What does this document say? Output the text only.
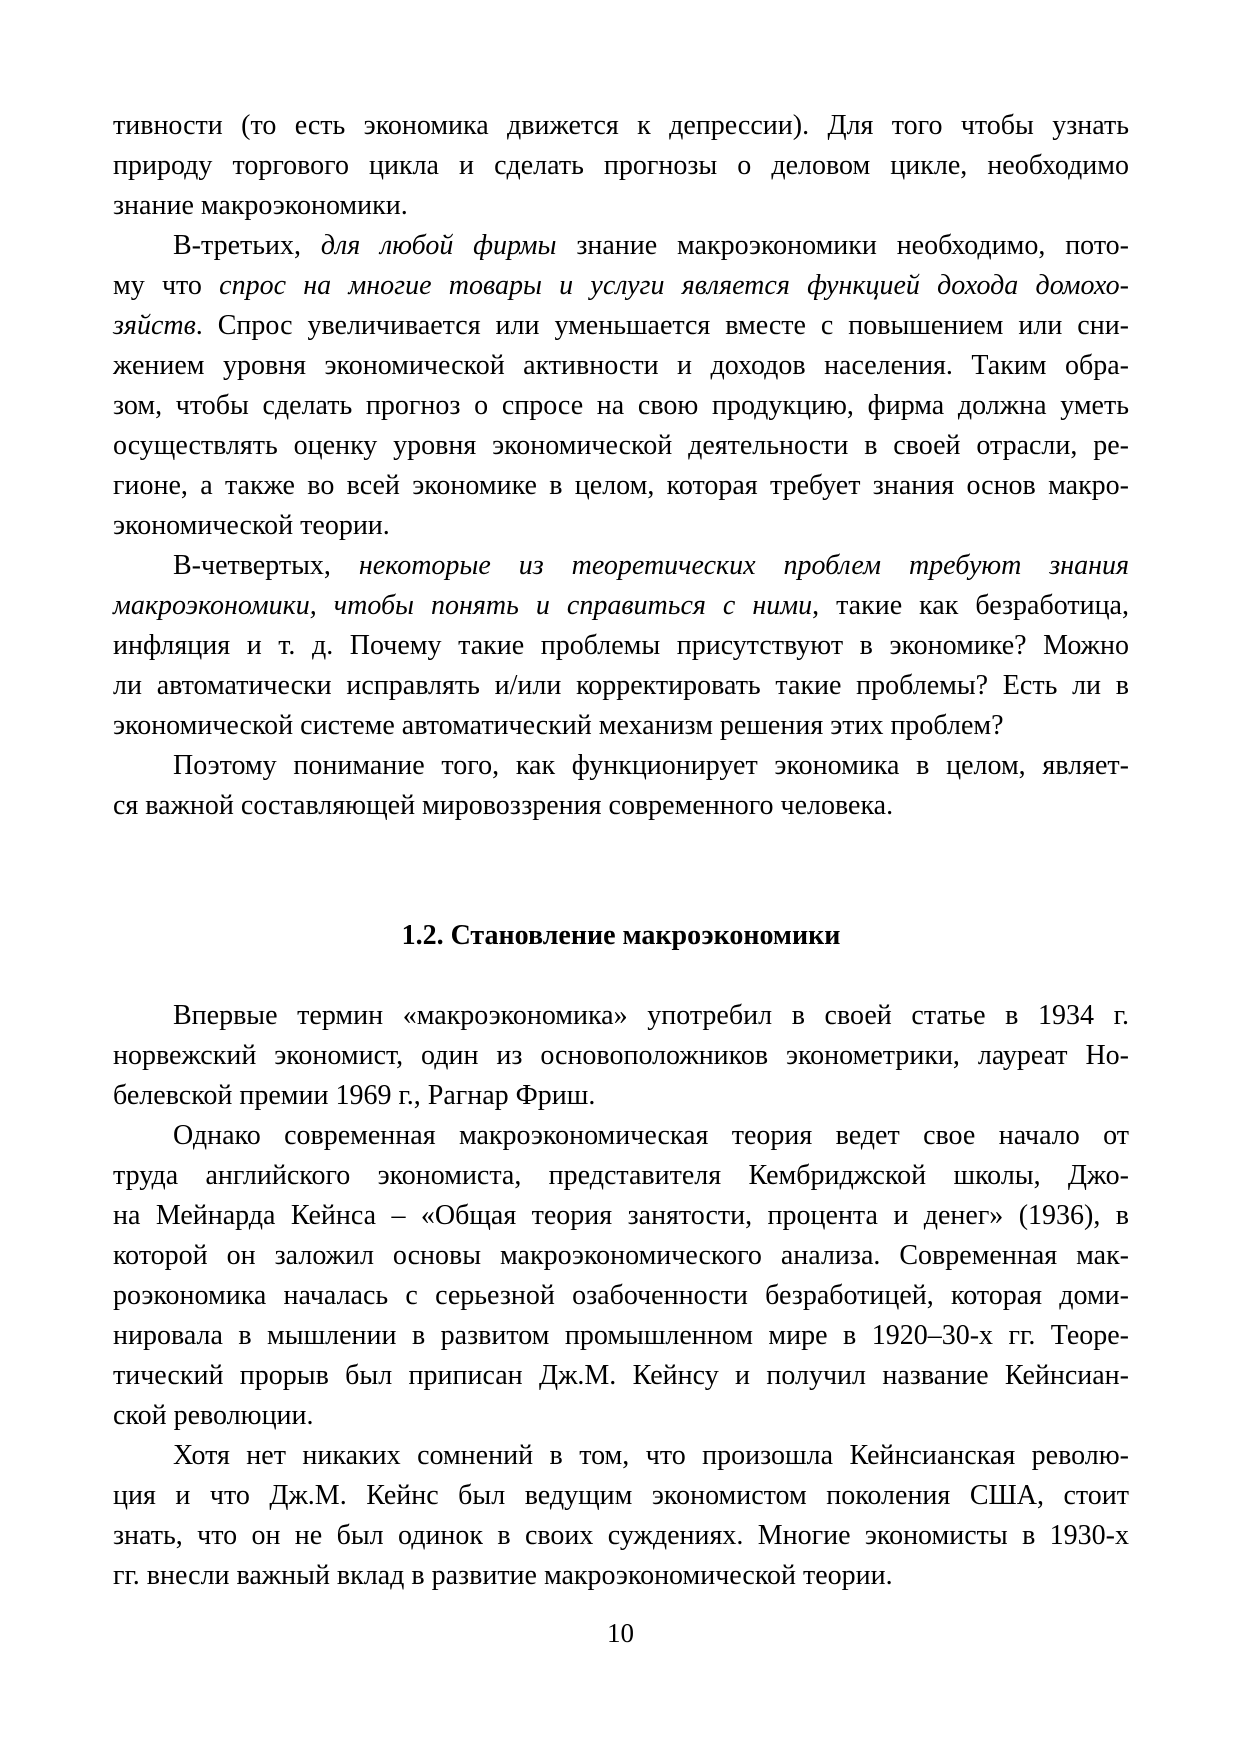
тивности (то есть экономика движется к депрессии). Для того чтобы узнать
природу торгового цикла и сделать прогнозы о деловом цикле, необходимо
знание макроэкономики.
В-третьих, для любой фирмы знание макроэкономики необходимо, пото-
му что спрос на многие товары и услуги является функцией дохода домохо-
зяйств. Спрос увеличивается или уменьшается вместе с повышением или сни-
жением уровня экономической активности и доходов населения. Таким обра-
зом, чтобы сделать прогноз о спросе на свою продукцию, фирма должна уметь
осуществлять оценку уровня экономической деятельности в своей отрасли, ре-
гионе, а также во всей экономике в целом, которая требует знания основ макро-
экономической теории.
В-четвертых, некоторые из теоретических проблем требуют знания
макроэкономики, чтобы понять и справиться с ними, такие как безработица,
инфляция и т. д. Почему такие проблемы присутствуют в экономике? Можно
ли автоматически исправлять и/или корректировать такие проблемы? Есть ли в
экономической системе автоматический механизм решения этих проблем?
Поэтому понимание того, как функционирует экономика в целом, являет-
ся важной составляющей мировоззрения современного человека.
1.2. Становление макроэкономики
Впервые термин «макроэкономика» употребил в своей статье в 1934 г.
норвежский экономист, один из основоположников эконометрики, лауреат Но-
белевской премии 1969 г., Рагнар Фриш.
Однако современная макроэкономическая теория ведет свое начало от
труда английского экономиста, представителя Кембриджской школы, Джо-
на Мейнарда Кейнса – «Общая теория занятости, процента и денег» (1936), в
которой он заложил основы макроэкономического анализа. Современная мак-
роэкономика началась с серьезной озабоченности безработицей, которая доми-
нировала в мышлении в развитом промышленном мире в 1920–30-х гг. Теоре-
тический прорыв был приписан Дж.М. Кейнсу и получил название Кейнсиан-
ской революции.
Хотя нет никаких сомнений в том, что произошла Кейнсианская револю-
ция и что Дж.М. Кейнс был ведущим экономистом поколения США, стоит
знать, что он не был одинок в своих суждениях. Многие экономисты в 1930-х
гг. внесли важный вклад в развитие макроэкономической теории.
10
